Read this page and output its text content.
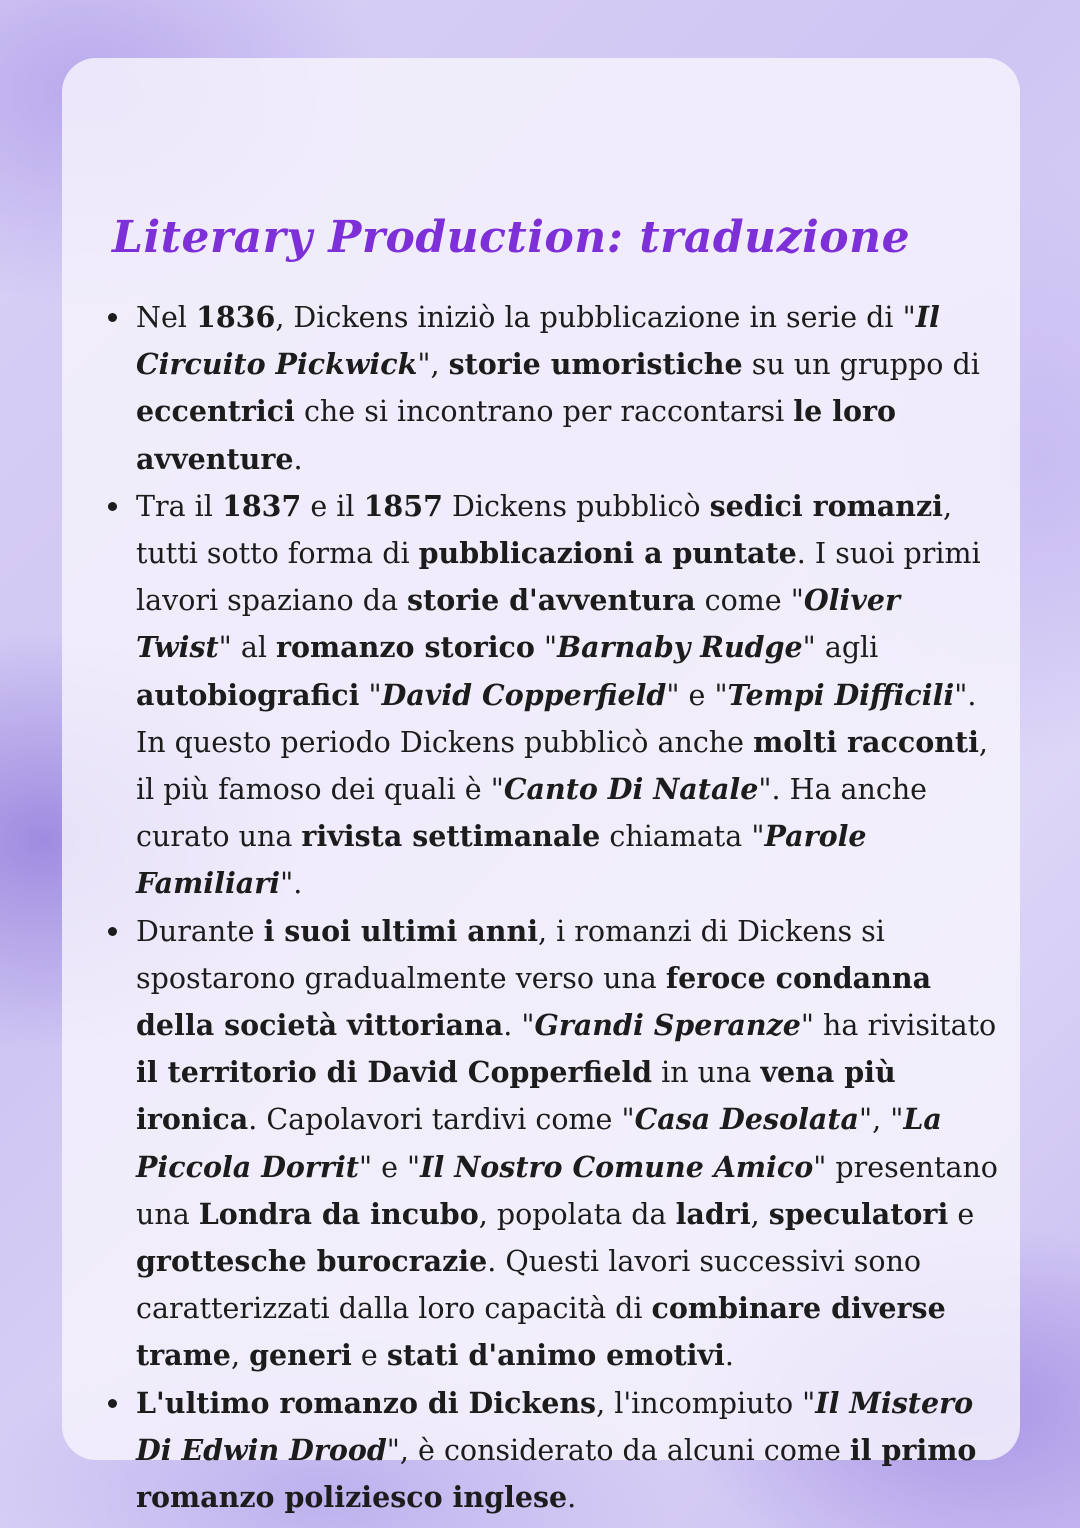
Literary Production: traduzione
Nel 1836, Dickens iniziò la pubblicazione in serie di "Il Circuito Pickwick", storie umoristiche su un gruppo di eccentrici che si incontrano per raccontarsi le loro avventure.
Tra il 1837 e il 1857 Dickens pubblicò sedici romanzi, tutti sotto forma di pubblicazioni a puntate. I suoi primi lavori spaziano da storie d'avventura come "Oliver Twist" al romanzo storico "Barnaby Rudge" agli autobiografici "David Copperfield" e "Tempi Difficili". In questo periodo Dickens pubblicò anche molti racconti, il più famoso dei quali è "Canto Di Natale". Ha anche curato una rivista settimanale chiamata "Parole Familiari".
Durante i suoi ultimi anni, i romanzi di Dickens si spostarono gradualmente verso una feroce condanna della società vittoriana. "Grandi Speranze" ha rivisitato il territorio di David Copperfield in una vena più ironica. Capolavori tardivi come "Casa Desolata", "La Piccola Dorrit" e "Il Nostro Comune Amico" presentano una Londra da incubo, popolata da ladri, speculatori e grottesche burocrazie. Questi lavori successivi sono caratterizzati dalla loro capacità di combinare diverse trame, generi e stati d'animo emotivi.
L'ultimo romanzo di Dickens, l'incompiuto "Il Mistero Di Edwin Drood", è considerato da alcuni come il primo romanzo poliziesco inglese.
